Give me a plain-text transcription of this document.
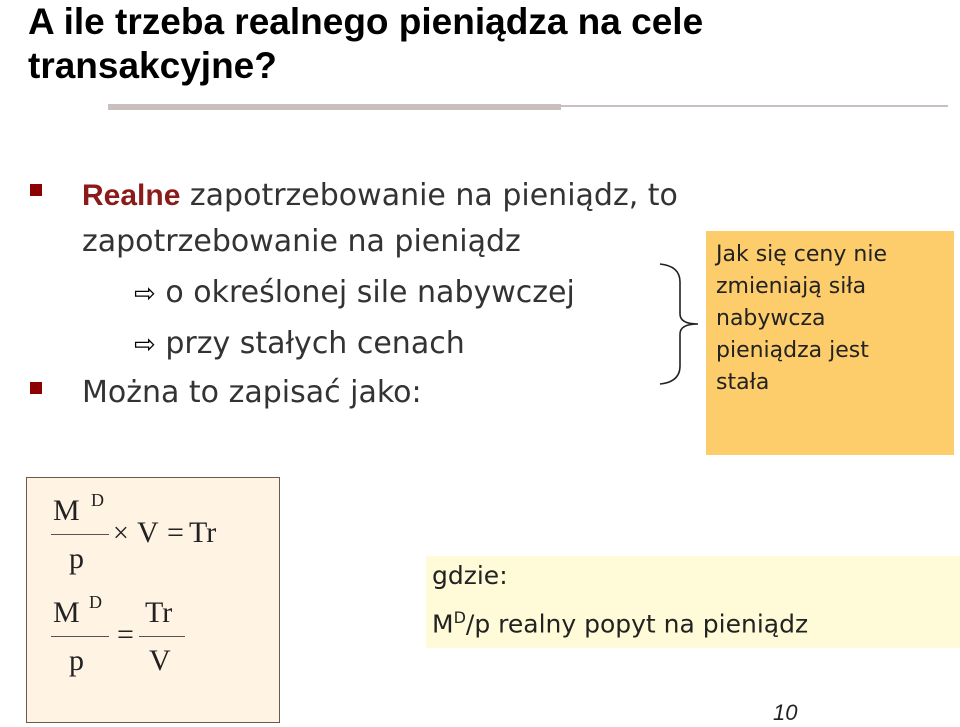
A ile trzeba realnego pieniądza na cele transakcyjne?
Realne zapotrzebowanie na pieniądz, to
zapotrzebowanie na pieniądz
⇨ o określonej sile nabywczej
⇨ przy stałych cenach
Można to zapisać jako:
Jak się ceny nie
zmieniają siła
nabywcza
pieniądza jest
stała
M D
p
× V = Tr
M D
p
=
Tr
V
gdzie:
$M^D/p$ realny popyt na pieniądz
10
